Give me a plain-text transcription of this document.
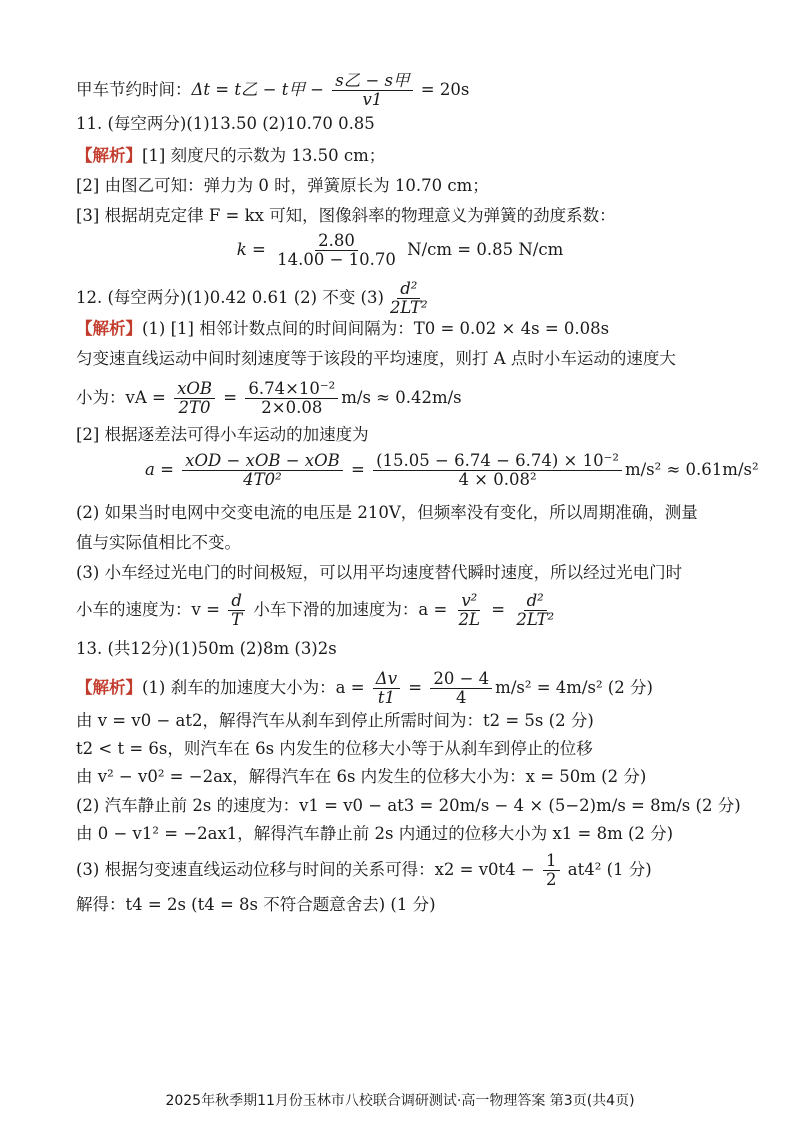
甲车节约时间：Δt = t乙 − t甲 − $\frac{\text{s乙 − s甲}}{v1} = 20s$
11. (每空两分)(1)13.50 (2)10.70 0.85
【解析】[1] 刻度尺的示数为 13.50 cm；
[2] 由图乙可知：弹力为 0 时，弹簧原长为 10.70 cm；
[3] 根据胡克定律 F = kx 可知，图像斜率的物理意义为弹簧的劲度系数：
$k = \frac{2.80}{14.00 - 10.70} N/cm = 0.85$ N/cm
12. (每空两分)(1)0.42 0.61 (2) 不变 $(3) \frac{\text{d²}}{\text{2LT²}}$
【解析】(1) [1] 相邻计数点间的时间间隔为：T0 = 0.02 × 4s = 0.08s
匀变速直线运动中间时刻速度等于该段的平均速度，则打 A 点时小车运动的速度大
小为：vA = $\frac{\text{xOB}}{2T0} = \frac{\text{6.74×10⁻²}}{2\times 0.08} m/s \approx 0.42m/s$
[2] 根据逐差法可得小车运动的加速度为
$a = \frac{\text{xOD − xOB − xOB}}{\text{4T0²}} = \frac{\text{(15.05 − 6.74 − 6.74) × 10⁻²}}{\text{4 × 0.08²}} m/s^2 \approx 0.61m/s^2$
(2) 如果当时电网中交变电流的电压是 210V，但频率没有变化，所以周期准确，测量
值与实际值相比不变。
(3) 小车经过光电门的时间极短，可以用平均速度替代瞬时速度，所以经过光电门时
小车的速度为：$v = \frac{d}{T}$ 小车下滑的加速度为：$a = \frac{\text{v²}}{2L} = \frac{\text{d²}}{\text{2LT²}}$
13. (共12分)(1)50m (2)8m (3)2s
【解析】(1) 刹车的加速度大小为：$a = \frac{\Delta v}{t1} = \frac{20 - 4}{4} m/s^2 = 4m/s^2$ (2 分)
由 v = v0 − at2，解得汽车从刹车到停止所需时间为：t2 = 5s (2 分)
t2 < t = 6s，则汽车在 6s 内发生的位移大小等于从刹车到停止的位移
由 v² − v0² = −2ax，解得汽车在 6s 内发生的位移大小为：x = 50m (2 分)
(2) 汽车静止前 2s 的速度为：v1 = v0 − at3 = 20m/s − 4 × (5−2)m/s = 8m/s (2 分)
由 0 − v1² = −2ax1，解得汽车静止前 2s 内通过的位移大小为 x1 = 8m (2 分)
(3) 根据匀变速直线运动位移与时间的关系可得：$x2 = v0t4 - \frac{1}{2} at4^2$ (1 分)
解得：t4 = 2s (t4 = 8s 不符合题意舍去) (1 分)
2025年秋季期11月份玉林市八校联合调研测试·高一物理答案 第3页(共4页)
